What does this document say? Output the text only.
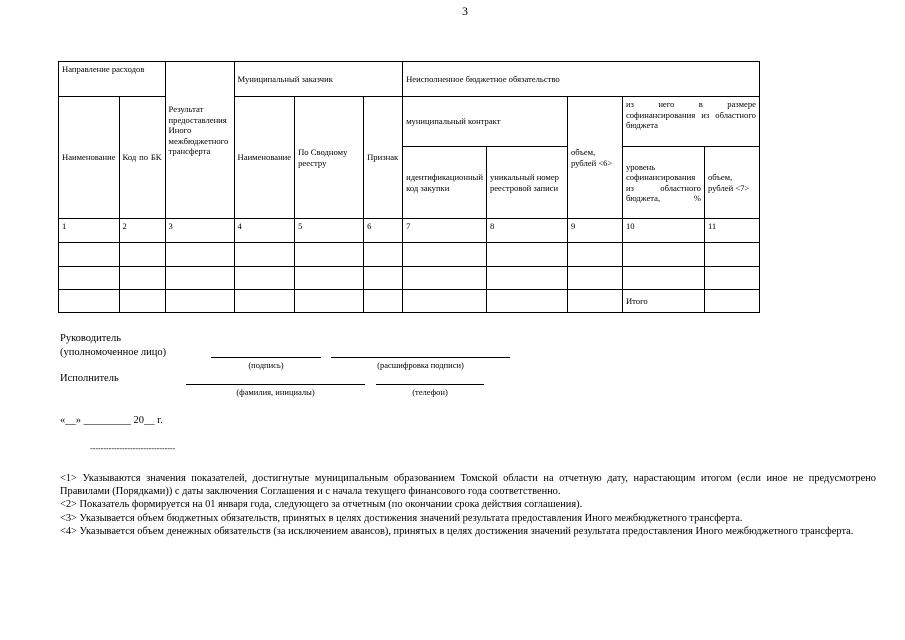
3
Направление расходов		Результат предоставления Иного межбюджетного трансферта	Муниципальный заказчик			Неисполненное бюджетное обязательство				
Наименование	Код по БК		Наименование	По Сводному реестру	Признак	муниципальный контракт		объем, рублей <6>	из него в размере софинансирования из областного бюджета	
						идентификационный код закупки	уникальный номер реестровой записи		уровень софинансирования из областного бюджета, %	объем, рублей <7>
1	2	3	4	5	6	7	8	9	10	11

									Итого	
Руководитель
(уполномоченное лицо)
(подпись)	(расшифровка подписи)
Исполнитель
(фамилия, инициалы)	(телефон)
«__» _________ 20__ г.
--------------------------------

<1> Указываются значения показателей, достигнутые муниципальным образованием Томской области на отчетную дату, нарастающим итогом (если иное не предусмотрено Правилами (Порядками)) с даты заключения Соглашения и с начала текущего финансового года соответственно.

<2> Показатель формируется на 01 января года, следующего за отчетным (по окончании срока действия соглашения).

<3> Указывается объем бюджетных обязательств, принятых в целях достижения значений результата предоставления Иного межбюджетного трансферта.

<4> Указывается объем денежных обязательств (за исключением авансов), принятых в целях достижения значений результата предоставления Иного межбюджетного трансферта.
